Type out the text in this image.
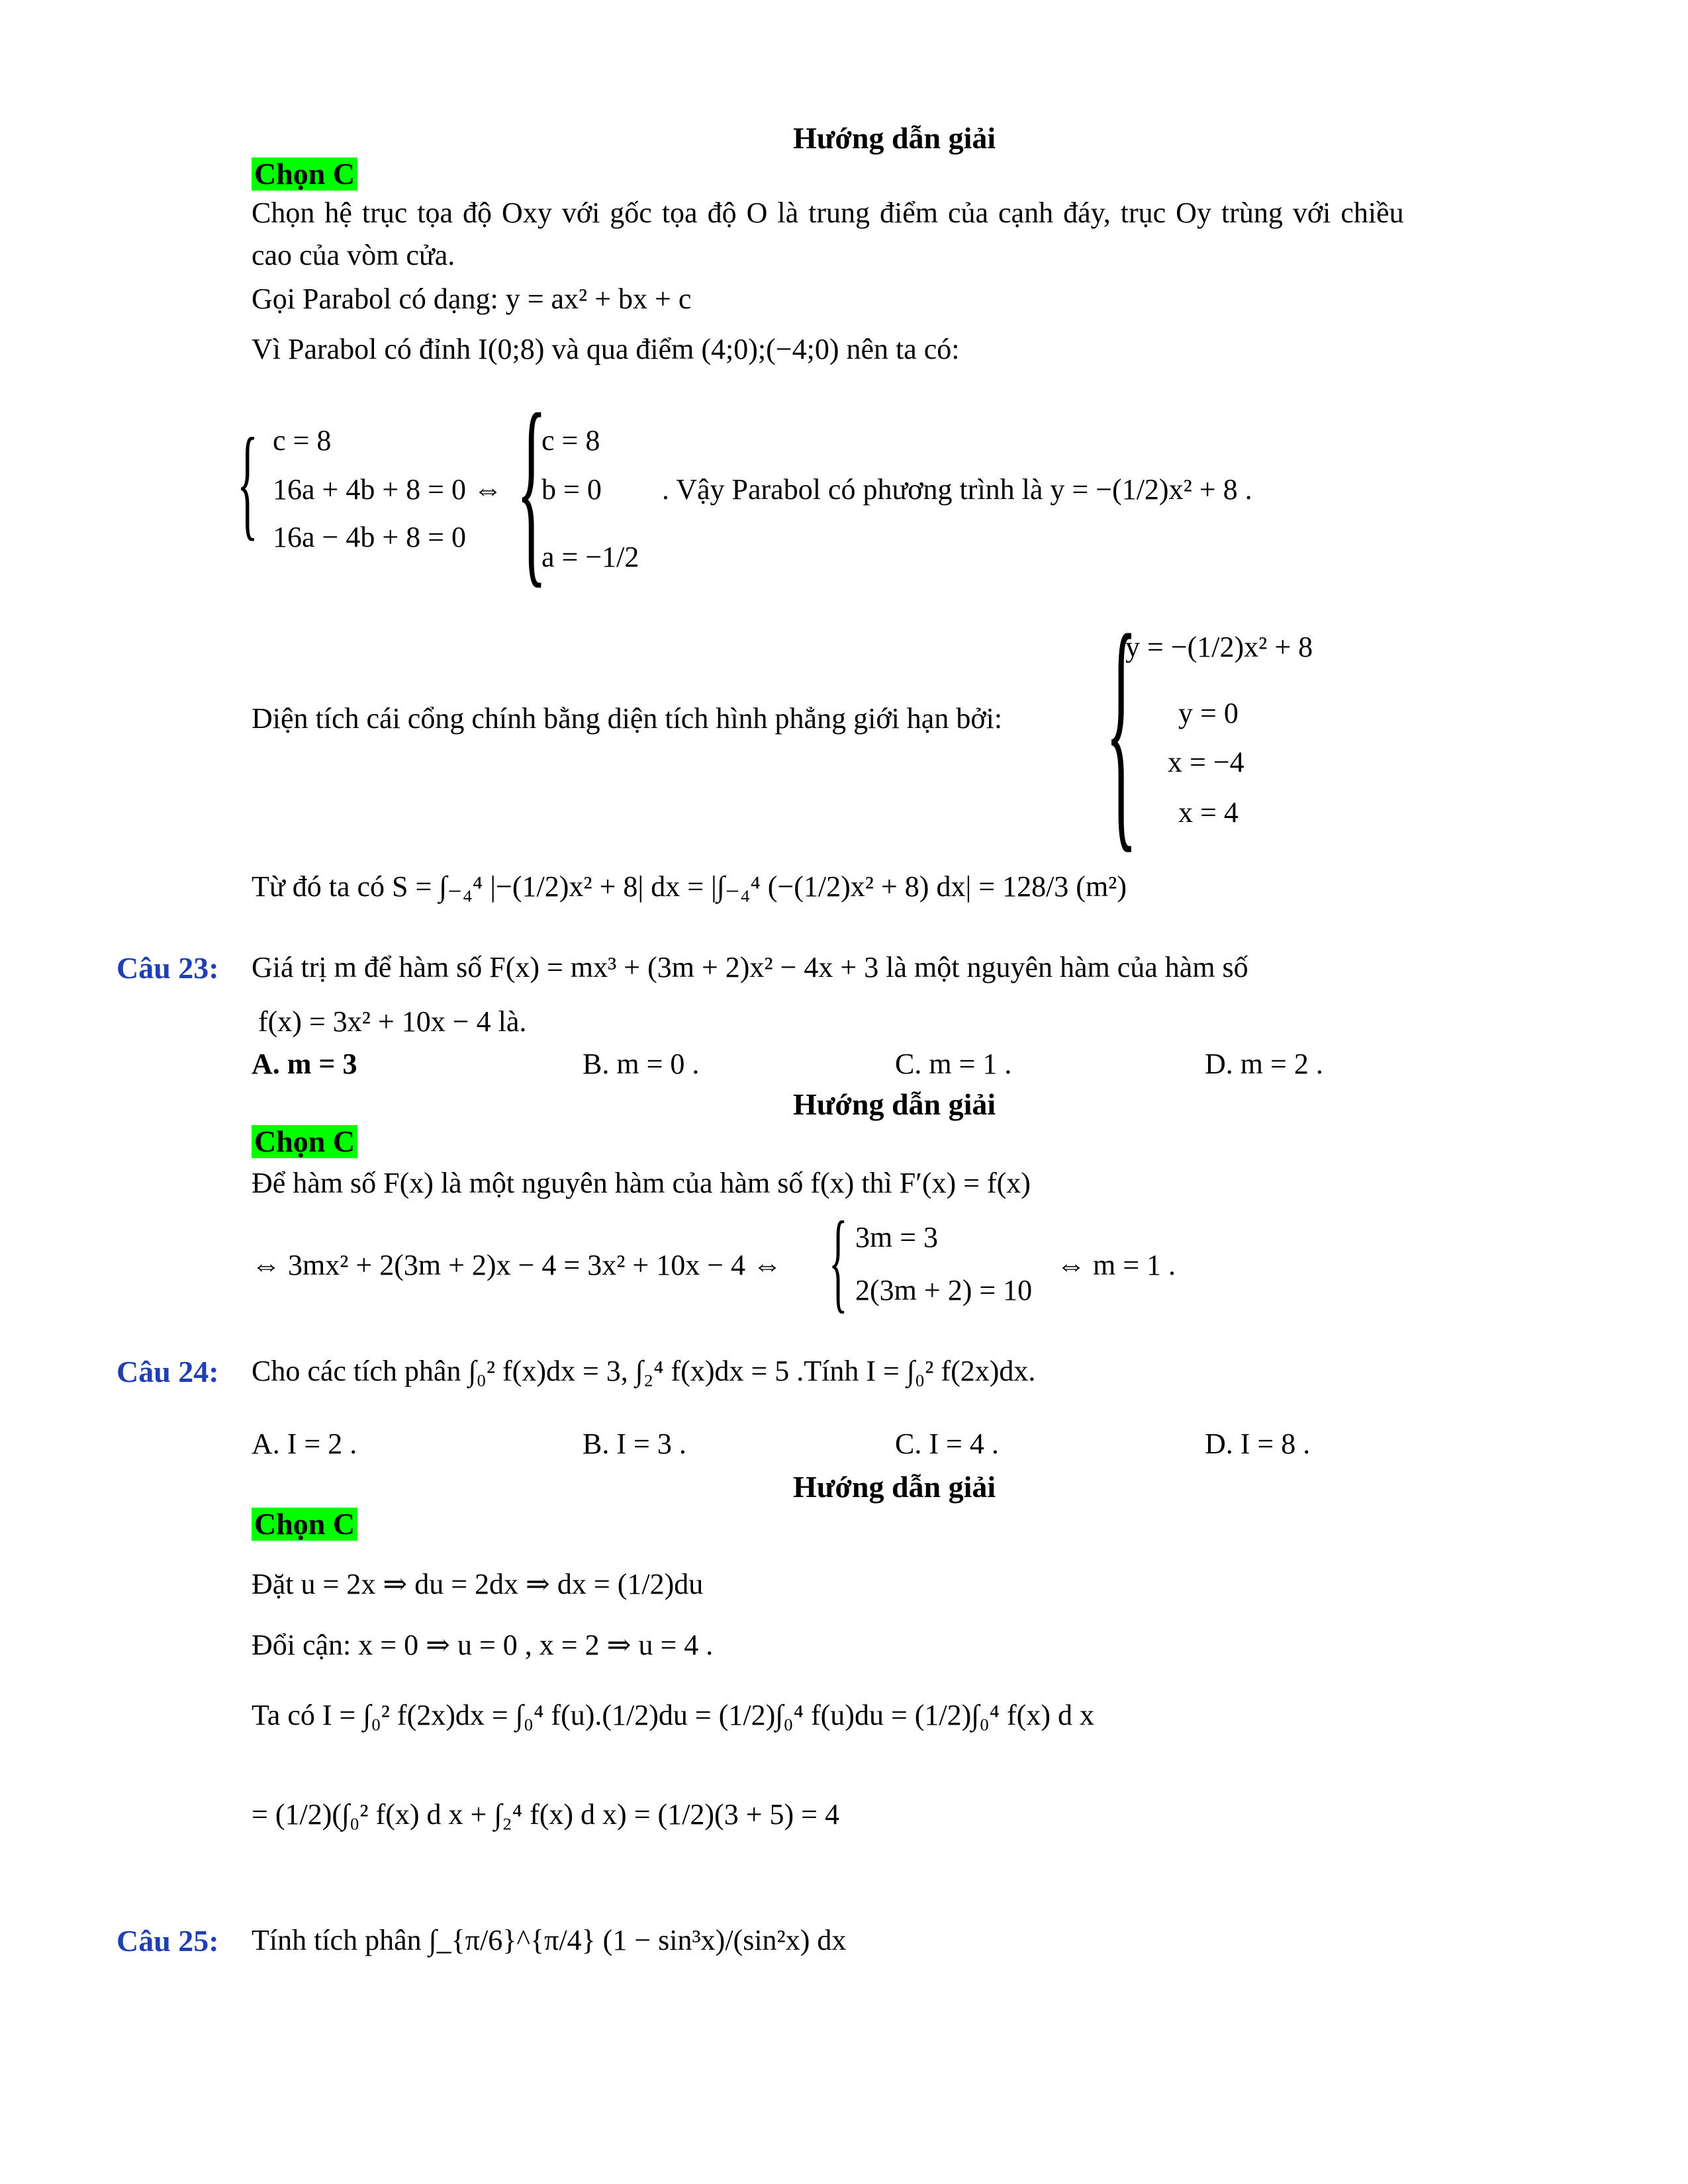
Hướng dẫn giải
Chọn C
Chọn hệ trục tọa độ Oxy với gốc tọa độ O là trung điểm của cạnh đáy, trục Oy trùng với chiều
cao của vòm cửa.
Gọi Parabol có dạng: y = ax² + bx + c
Vì Parabol có đỉnh I(0;8) và qua điểm (4;0);(−4;0) nên ta có:
{ c = 8
16a + 4b + 8 = 0 ⇔
16a − 4b + 8 = 0 {
c = 8
b = 0
a = −1/2
. Vậy Parabol có phương trình là y = −(1/2)x² + 8 .
Diện tích cái cổng chính bằng diện tích hình phẳng giới hạn bởi: {
y = −(1/2)x² + 8
y = 0
x = −4
x = 4
Từ đó ta có S = ∫₋₄⁴ |−(1/2)x² + 8| dx = |∫₋₄⁴ (−(1/2)x² + 8) dx| = 128/3 (m²)
Câu 23: Giá trị m để hàm số F(x) = mx³ + (3m + 2)x² − 4x + 3 là một nguyên hàm của hàm số
f(x) = 3x² + 10x − 4 là.
A. m = 3	B. m = 0 .	C. m = 1 .	D. m = 2 .
Hướng dẫn giải
Chọn C
Để hàm số F(x) là một nguyên hàm của hàm số f(x) thì F′(x) = f(x)
⇔ 3mx² + 2(3m + 2)x − 4 = 3x² + 10x − 4 ⇔ { 3m = 3
2(3m + 2) = 10
⇔ m = 1 .
Câu 24: Cho các tích phân ∫₀² f(x)dx = 3, ∫₂⁴ f(x)dx = 5 .Tính I = ∫₀² f(2x)dx.
A. I = 2 .	B. I = 3 .	C. I = 4 .	D. I = 8 .
Hướng dẫn giải
Chọn C
Đặt u = 2x ⇒ du = 2dx ⇒ dx = (1/2)du
Đổi cận: x = 0 ⇒ u = 0 , x = 2 ⇒ u = 4 .
Ta có I = ∫₀² f(2x)dx = ∫₀⁴ f(u).(1/2)du = (1/2)∫₀⁴ f(u)du = (1/2)∫₀⁴ f(x) d x
= (1/2)(∫₀² f(x) d x + ∫₂⁴ f(x) d x) = (1/2)(3 + 5) = 4
Câu 25: Tính tích phân ∫_{π/6}^{π/4} (1 − sin³x)/(sin²x) dx
